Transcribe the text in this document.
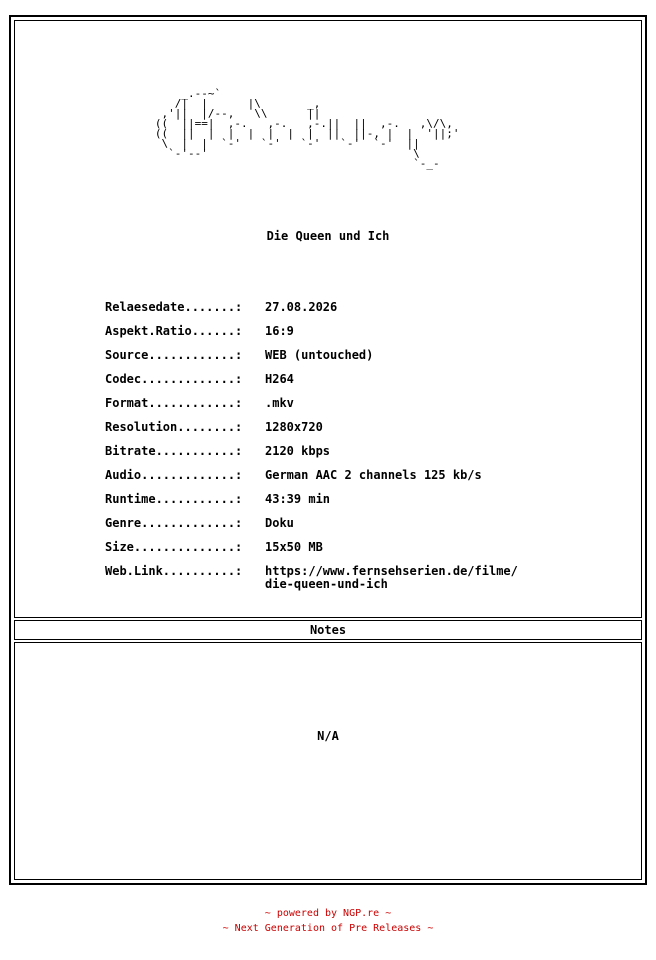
_.--~`
/|  |      |\       _,
,'||  |/--,   \\      ||
((  ||==|  ,-.   ,-.   ,-.||  ||  ,-.   ,\/\,
((  ||  |  |  |  |  |  |  ||  ||-, |  |  '||;'
\  |  |  `-'   `-'   `-'   `-'  `-'  ||
`-'--'                               \
`-_-
Die Queen und Ich
Relaesedate.......:	27.08.2026
Aspekt.Ratio......:	16:9
Source............:	WEB (untouched)
Codec.............:	H264
Format............:	.mkv
Resolution........:	1280x720
Bitrate...........:	2120 kbps
Audio.............:	German AAC 2 channels 125 kb/s
Runtime...........:	43:39 min
Genre.............:	Doku
Size..............:	15x50 MB
Web.Link..........:	https://www.fernsehserien.de/filme/
die-queen-und-ich
Notes
N/A
~ powered by NGP.re ~
~ Next Generation of Pre Releases ~
